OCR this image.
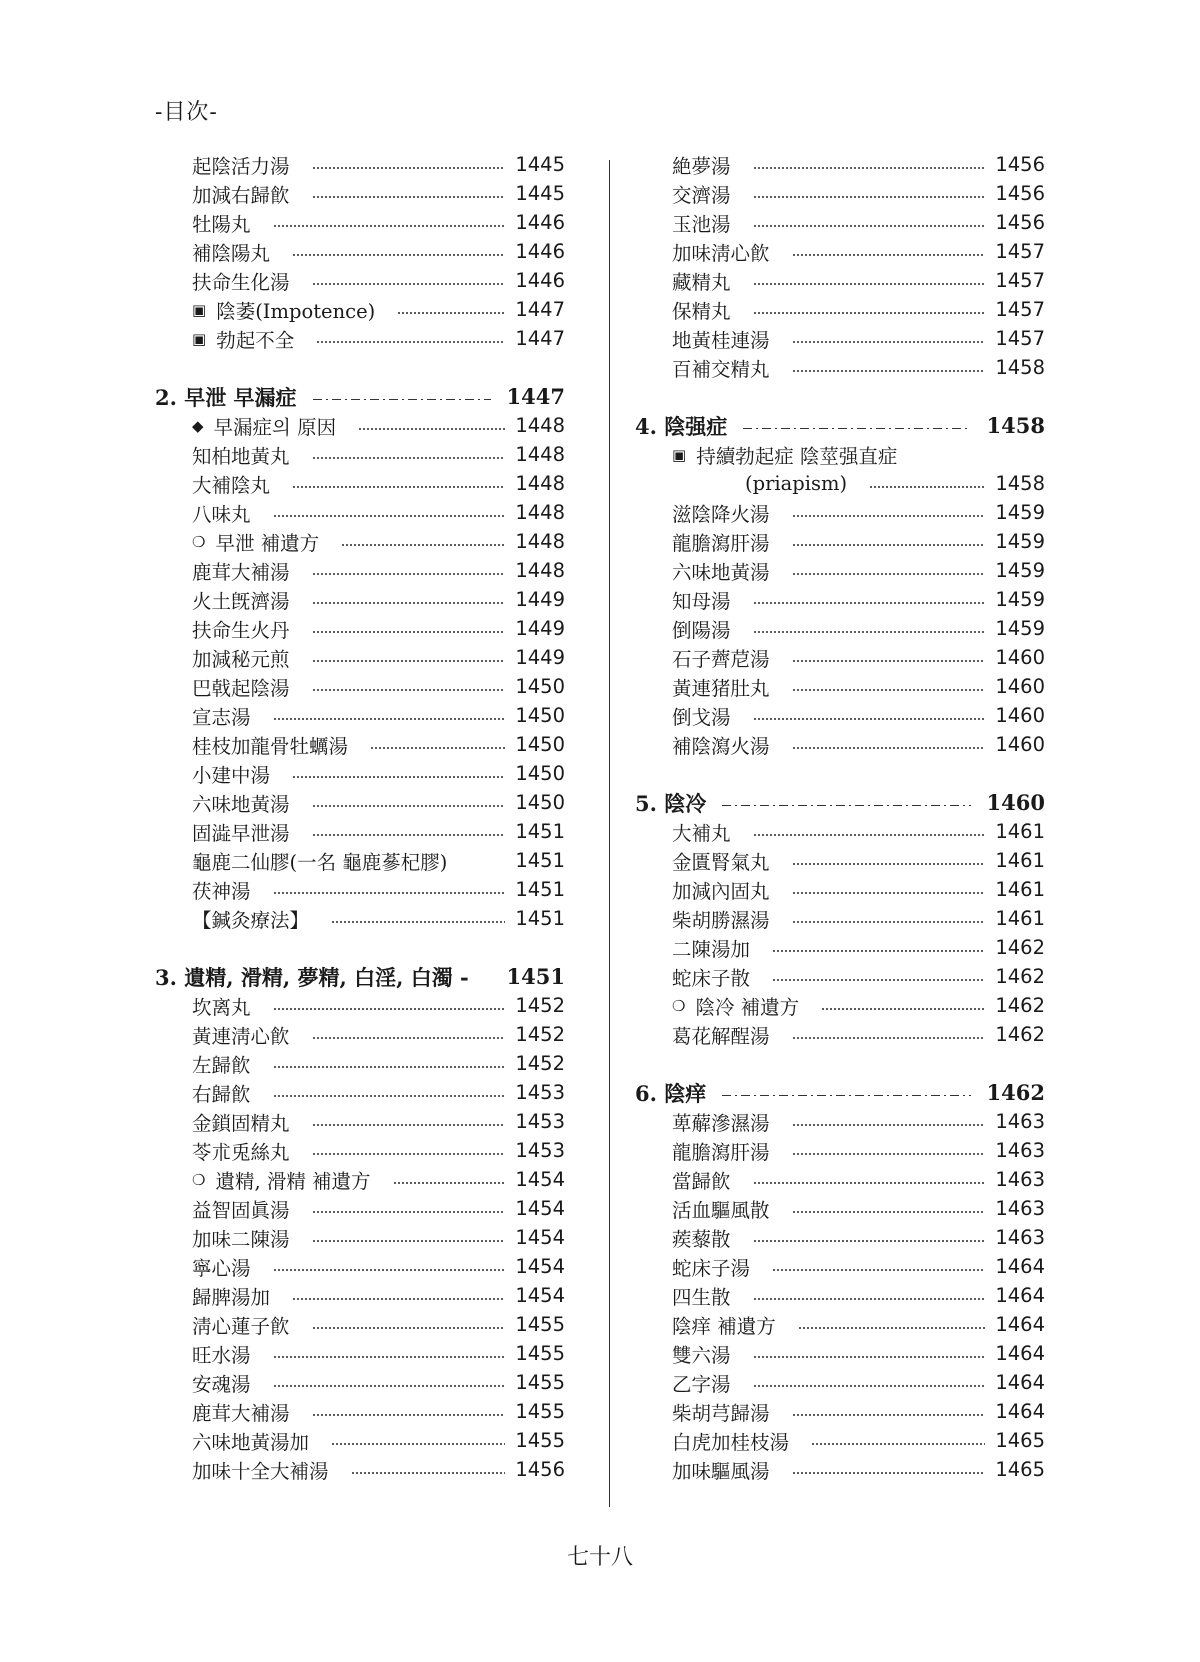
-目次-
起陰活力湯	1445
加減右歸飮	1445
牡陽丸	1446
補陰陽丸	1446
扶命生化湯	1446
▣ 陰萎(Impotence)	1447
▣ 勃起不全	1447
2. 早泄 早漏症	1447
◆ 早漏症의 原因	1448
知柏地黃丸	1448
大補陰丸	1448
八味丸	1448
❍ 早泄 補遺方	1448
鹿茸大補湯	1448
火土旣濟湯	1449
扶命生火丹	1449
加減秘元煎	1449
巴戟起陰湯	1450
宣志湯	1450
桂枝加龍骨牡蠣湯	1450
小建中湯	1450
六味地黃湯	1450
固澁早泄湯	1451
龜鹿二仙膠(一名 龜鹿蔘杞膠)	1451
茯神湯	1451
【鍼灸療法】	1451
3. 遺精, 滑精, 夢精, 白淫, 白濁 - 1451
坎离丸	1452
黃連淸心飮	1452
左歸飮	1452
右歸飮	1453
金鎖固精丸	1453
苓朮兎絲丸	1453
❍ 遺精, 滑精 補遺方	1454
益智固眞湯	1454
加味二陳湯	1454
寧心湯	1454
歸脾湯加	1454
淸心蓮子飮	1455
旺水湯	1455
安魂湯	1455
鹿茸大補湯	1455
六味地黃湯加	1455
加味十全大補湯	1456
絶夢湯	1456
交濟湯	1456
玉池湯	1456
加味淸心飮	1457
藏精丸	1457
保精丸	1457
地黃桂連湯	1457
百補交精丸	1458
4. 陰强症	1458
▣ 持續勃起症 陰莖强直症
(priapism)	1458
滋陰降火湯	1459
龍膽瀉肝湯	1459
六味地黃湯	1459
知母湯	1459
倒陽湯	1459
石子薺苨湯	1460
黃連猪肚丸	1460
倒戈湯	1460
補陰瀉火湯	1460
5. 陰冷	1460
大補丸	1461
金匱腎氣丸	1461
加減內固丸	1461
柴胡勝濕湯	1461
二陳湯加	1462
蛇床子散	1462
❍ 陰冷 補遺方	1462
葛花解酲湯	1462
6. 陰痒	1462
萆薢滲濕湯	1463
龍膽瀉肝湯	1463
當歸飮	1463
活血驅風散	1463
蒺藜散	1463
蛇床子湯	1464
四生散	1464
陰痒 補遺方	1464
雙六湯	1464
乙字湯	1464
柴胡芎歸湯	1464
白虎加桂枝湯	1465
加味驅風湯	1465
七十八
